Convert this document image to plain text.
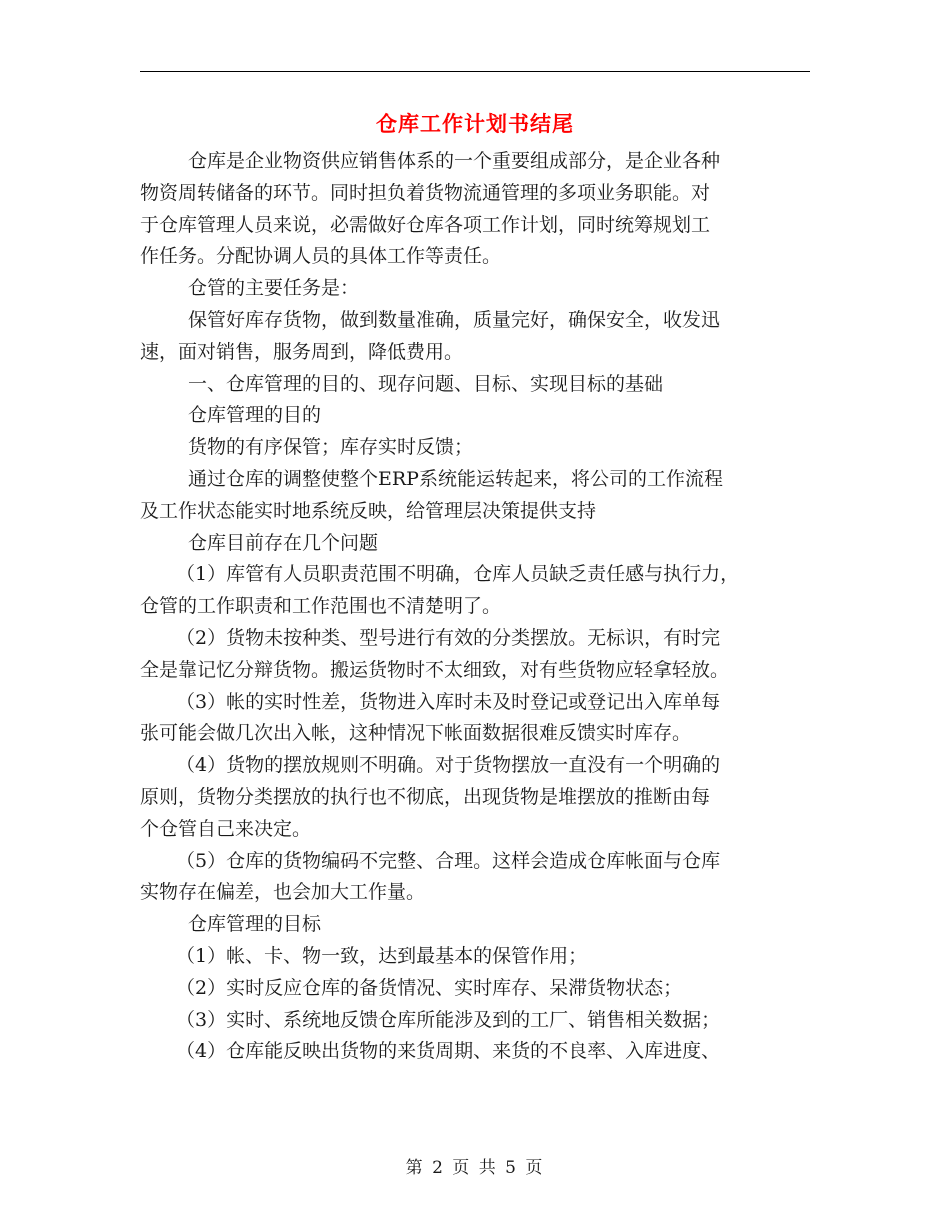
仓库工作计划书结尾
仓库是企业物资供应销售体系的一个重要组成部分，是企业各种
物资周转储备的环节。同时担负着货物流通管理的多项业务职能。对
于仓库管理人员来说，必需做好仓库各项工作计划，同时统筹规划工
作任务。分配协调人员的具体工作等责任。
仓管的主要任务是：
保管好库存货物，做到数量准确，质量完好，确保安全，收发迅
速，面对销售，服务周到，降低费用。
一、仓库管理的目的、现存问题、目标、实现目标的基础
仓库管理的目的
货物的有序保管；库存实时反馈；
通过仓库的调整使整个ERP系统能运转起来，将公司的工作流程
及工作状态能实时地系统反映，给管理层决策提供支持
仓库目前存在几个问题
（1）库管有人员职责范围不明确，仓库人员缺乏责任感与执行力，
仓管的工作职责和工作范围也不清楚明了。
（2）货物未按种类、型号进行有效的分类摆放。无标识，有时完
全是靠记忆分辩货物。搬运货物时不太细致，对有些货物应轻拿轻放。
（3）帐的实时性差，货物进入库时未及时登记或登记出入库单每
张可能会做几次出入帐，这种情况下帐面数据很难反馈实时库存。
（4）货物的摆放规则不明确。对于货物摆放一直没有一个明确的
原则，货物分类摆放的执行也不彻底，出现货物是堆摆放的推断由每
个仓管自己来决定。
（5）仓库的货物编码不完整、合理。这样会造成仓库帐面与仓库
实物存在偏差，也会加大工作量。
仓库管理的目标
（1）帐、卡、物一致，达到最基本的保管作用；
（2）实时反应仓库的备货情况、实时库存、呆滞货物状态；
（3）实时、系统地反馈仓库所能涉及到的工厂、销售相关数据；
（4）仓库能反映出货物的来货周期、来货的不良率、入库进度、
第 2 页 共 5 页
